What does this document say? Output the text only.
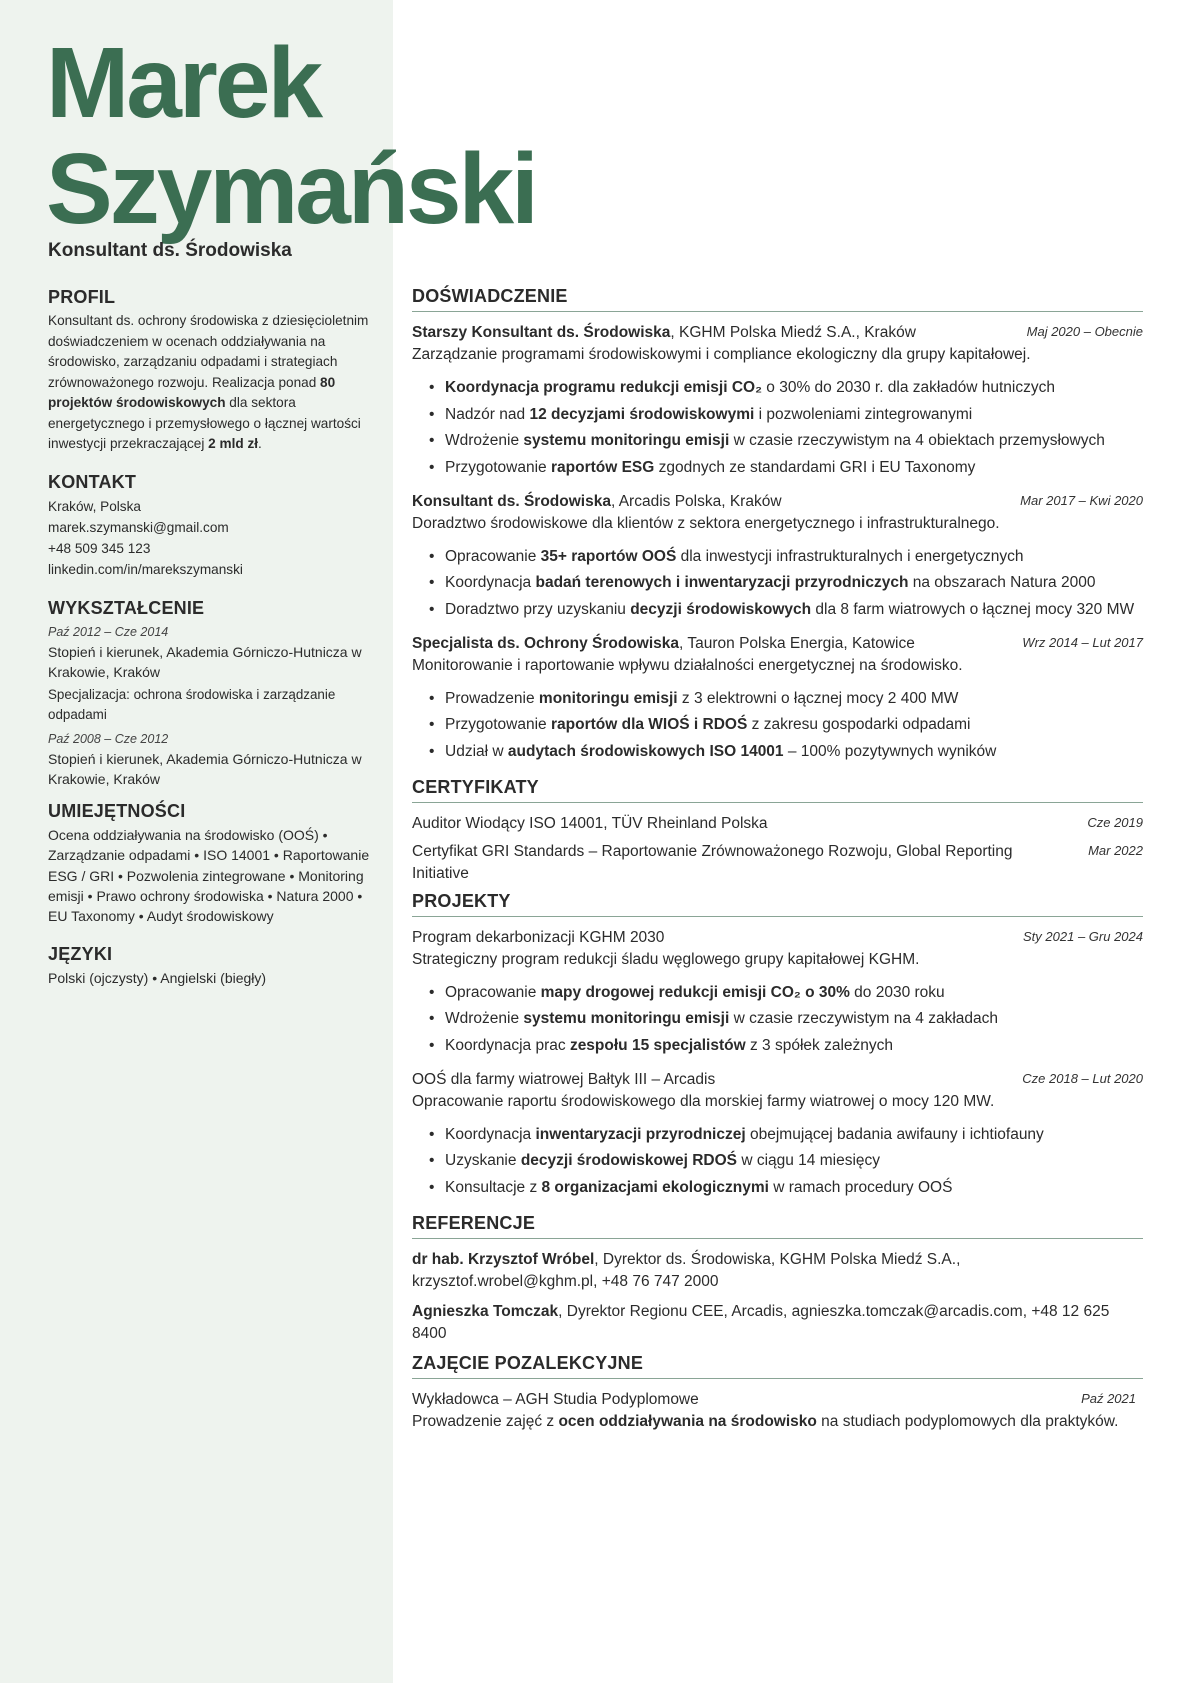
Marek
Szymański
Konsultant ds. Środowiska
PROFIL

Konsultant ds. ochrony środowiska z dziesięcioletnim doświadczeniem w ocenach oddziaływania na środowisko, zarządzaniu odpadami i strategiach zrównoważonego rozwoju. Realizacja ponad 80 projektów środowiskowych dla sektora energetycznego i przemysłowego o łącznej wartości inwestycji przekraczającej 2 mld zł.

KONTAKT
Kraków, Polska
marek.szymanski@gmail.com
+48 509 345 123
linkedin.com/in/marekszymanski
WYKSZTAŁCENIE
Paź 2012 – Cze 2014
Stopień i kierunek, Akademia Górniczo-Hutnicza w Krakowie, Kraków
Specjalizacja: ochrona środowiska i zarządzanie odpadami
Paź 2008 – Cze 2012
Stopień i kierunek, Akademia Górniczo-Hutnicza w Krakowie, Kraków
UMIEJĘTNOŚCI
Ocena oddziaływania na środowisko (OOŚ) • Zarządzanie odpadami • ISO 14001 • Raportowanie ESG / GRI • Pozwolenia zintegrowane • Monitoring emisji • Prawo ochrony środowiska • Natura 2000 • EU Taxonomy • Audyt środowiskowy
JĘZYKI
Polski (ojczysty) • Angielski (biegły)
DOŚWIADCZENIE
Starszy Konsultant ds. Środowiska, KGHM Polska Miedź S.A., Kraków	Maj 2020 – Obecnie
Zarządzanie programami środowiskowymi i compliance ekologiczny dla grupy kapitałowej.
• Koordynacja programu redukcji emisji CO₂ o 30% do 2030 r. dla zakładów hutniczych
• Nadzór nad 12 decyzjami środowiskowymi i pozwoleniami zintegrowanymi
• Wdrożenie systemu monitoringu emisji w czasie rzeczywistym na 4 obiektach przemysłowych
• Przygotowanie raportów ESG zgodnych ze standardami GRI i EU Taxonomy
Konsultant ds. Środowiska, Arcadis Polska, Kraków	Mar 2017 – Kwi 2020
Doradztwo środowiskowe dla klientów z sektora energetycznego i infrastrukturalnego.
• Opracowanie 35+ raportów OOŚ dla inwestycji infrastrukturalnych i energetycznych
• Koordynacja badań terenowych i inwentaryzacji przyrodniczych na obszarach Natura 2000
• Doradztwo przy uzyskaniu decyzji środowiskowych dla 8 farm wiatrowych o łącznej mocy 320 MW
Specjalista ds. Ochrony Środowiska, Tauron Polska Energia, Katowice	Wrz 2014 – Lut 2017
Monitorowanie i raportowanie wpływu działalności energetycznej na środowisko.
• Prowadzenie monitoringu emisji z 3 elektrowni o łącznej mocy 2 400 MW
• Przygotowanie raportów dla WIOŚ i RDOŚ z zakresu gospodarki odpadami
• Udział w audytach środowiskowych ISO 14001 – 100% pozytywnych wyników
CERTYFIKATY
Auditor Wiodący ISO 14001, TÜV Rheinland Polska	Cze 2019
Certyfikat GRI Standards – Raportowanie Zrównoważonego Rozwoju, Global Reporting Initiative
Mar 2022
PROJEKTY
Program dekarbonizacji KGHM 2030	Sty 2021 – Gru 2024
Strategiczny program redukcji śladu węglowego grupy kapitałowej KGHM.
• Opracowanie mapy drogowej redukcji emisji CO₂ o 30% do 2030 roku
• Wdrożenie systemu monitoringu emisji w czasie rzeczywistym na 4 zakładach
• Koordynacja prac zespołu 15 specjalistów z 3 spółek zależnych
OOŚ dla farmy wiatrowej Bałtyk III – Arcadis	Cze 2018 – Lut 2020
Opracowanie raportu środowiskowego dla morskiej farmy wiatrowej o mocy 120 MW.
• Koordynacja inwentaryzacji przyrodniczej obejmującej badania awifauny i ichtiofauny
• Uzyskanie decyzji środowiskowej RDOŚ w ciągu 14 miesięcy
• Konsultacje z 8 organizacjami ekologicznymi w ramach procedury OOŚ
REFERENCJE
dr hab. Krzysztof Wróbel, Dyrektor ds. Środowiska, KGHM Polska Miedź S.A., krzysztof.wrobel@kghm.pl, +48 76 747 2000
Agnieszka Tomczak, Dyrektor Regionu CEE, Arcadis, agnieszka.tomczak@arcadis.com, +48 12 625 8400
ZAJĘCIE POZALEKCYJNE
Wykładowca – AGH Studia Podyplomowe	Paź 2021
Prowadzenie zajęć z ocen oddziaływania na środowisko na studiach podyplomowych dla praktyków.
